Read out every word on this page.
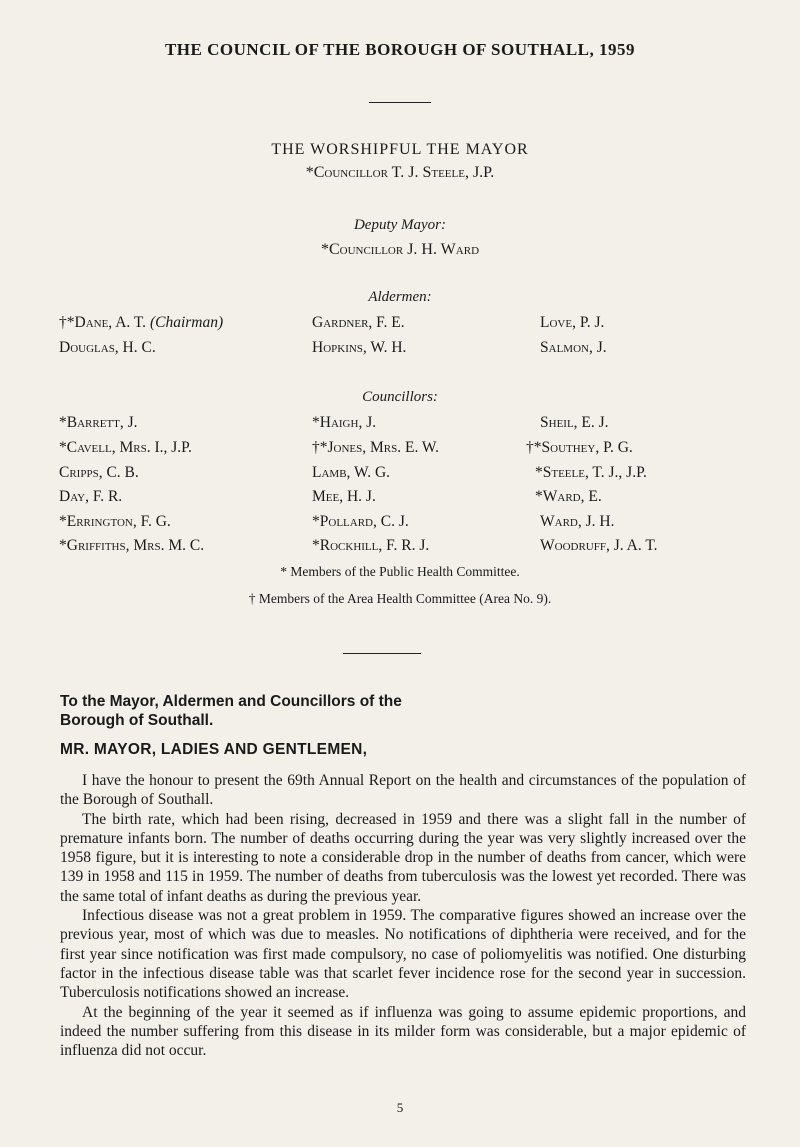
THE COUNCIL OF THE BOROUGH OF SOUTHALL, 1959
THE WORSHIPFUL THE MAYOR
*Councillor T. J. Steele, J.P.
Deputy Mayor:
*Councillor J. H. Ward
Aldermen:
†*Dane, A. T. (Chairman)
Douglas, H. C.
Gardner, F. E.
Hopkins, W. H.
Love, P. J.
Salmon, J.
Councillors:
*Barrett, J.
*Cavell, Mrs. I., J.P.
Cripps, C. B.
Day, F. R.
*Errington, F. G.
*Griffiths, Mrs. M. C.
*Haigh, J.
†*Jones, Mrs. E. W.
Lamb, W. G.
Mee, H. J.
*Pollard, C. J.
*Rockhill, F. R. J.
Sheil, E. J.
†*Southey, P. G.
*Steele, T. J., J.P.
*Ward, E.
Ward, J. H.
Woodruff, J. A. T.
* Members of the Public Health Committee.
† Members of the Area Health Committee (Area No. 9).
To the Mayor, Aldermen and Councillors of the
Borough of Southall.
MR. MAYOR, LADIES AND GENTLEMEN,

I have the honour to present the 69th Annual Report on the health and circumstances of the population of the Borough of Southall.

The birth rate, which had been rising, decreased in 1959 and there was a slight fall in the number of premature infants born. The number of deaths occurring during the year was very slightly increased over the 1958 figure, but it is interesting to note a considerable drop in the number of deaths from cancer, which were 139 in 1958 and 115 in 1959. The number of deaths from tuberculosis was the lowest yet recorded. There was the same total of infant deaths as during the previous year.

Infectious disease was not a great problem in 1959. The comparative figures showed an increase over the previous year, most of which was due to measles. No notifications of diphtheria were received, and for the first year since notification was first made compulsory, no case of poliomyelitis was notified. One disturbing factor in the infectious disease table was that scarlet fever incidence rose for the second year in succession. Tuberculosis notifications showed an increase.

At the beginning of the year it seemed as if influenza was going to assume epidemic proportions, and indeed the number suffering from this disease in its milder form was considerable, but a major epidemic of influenza did not occur.

5
